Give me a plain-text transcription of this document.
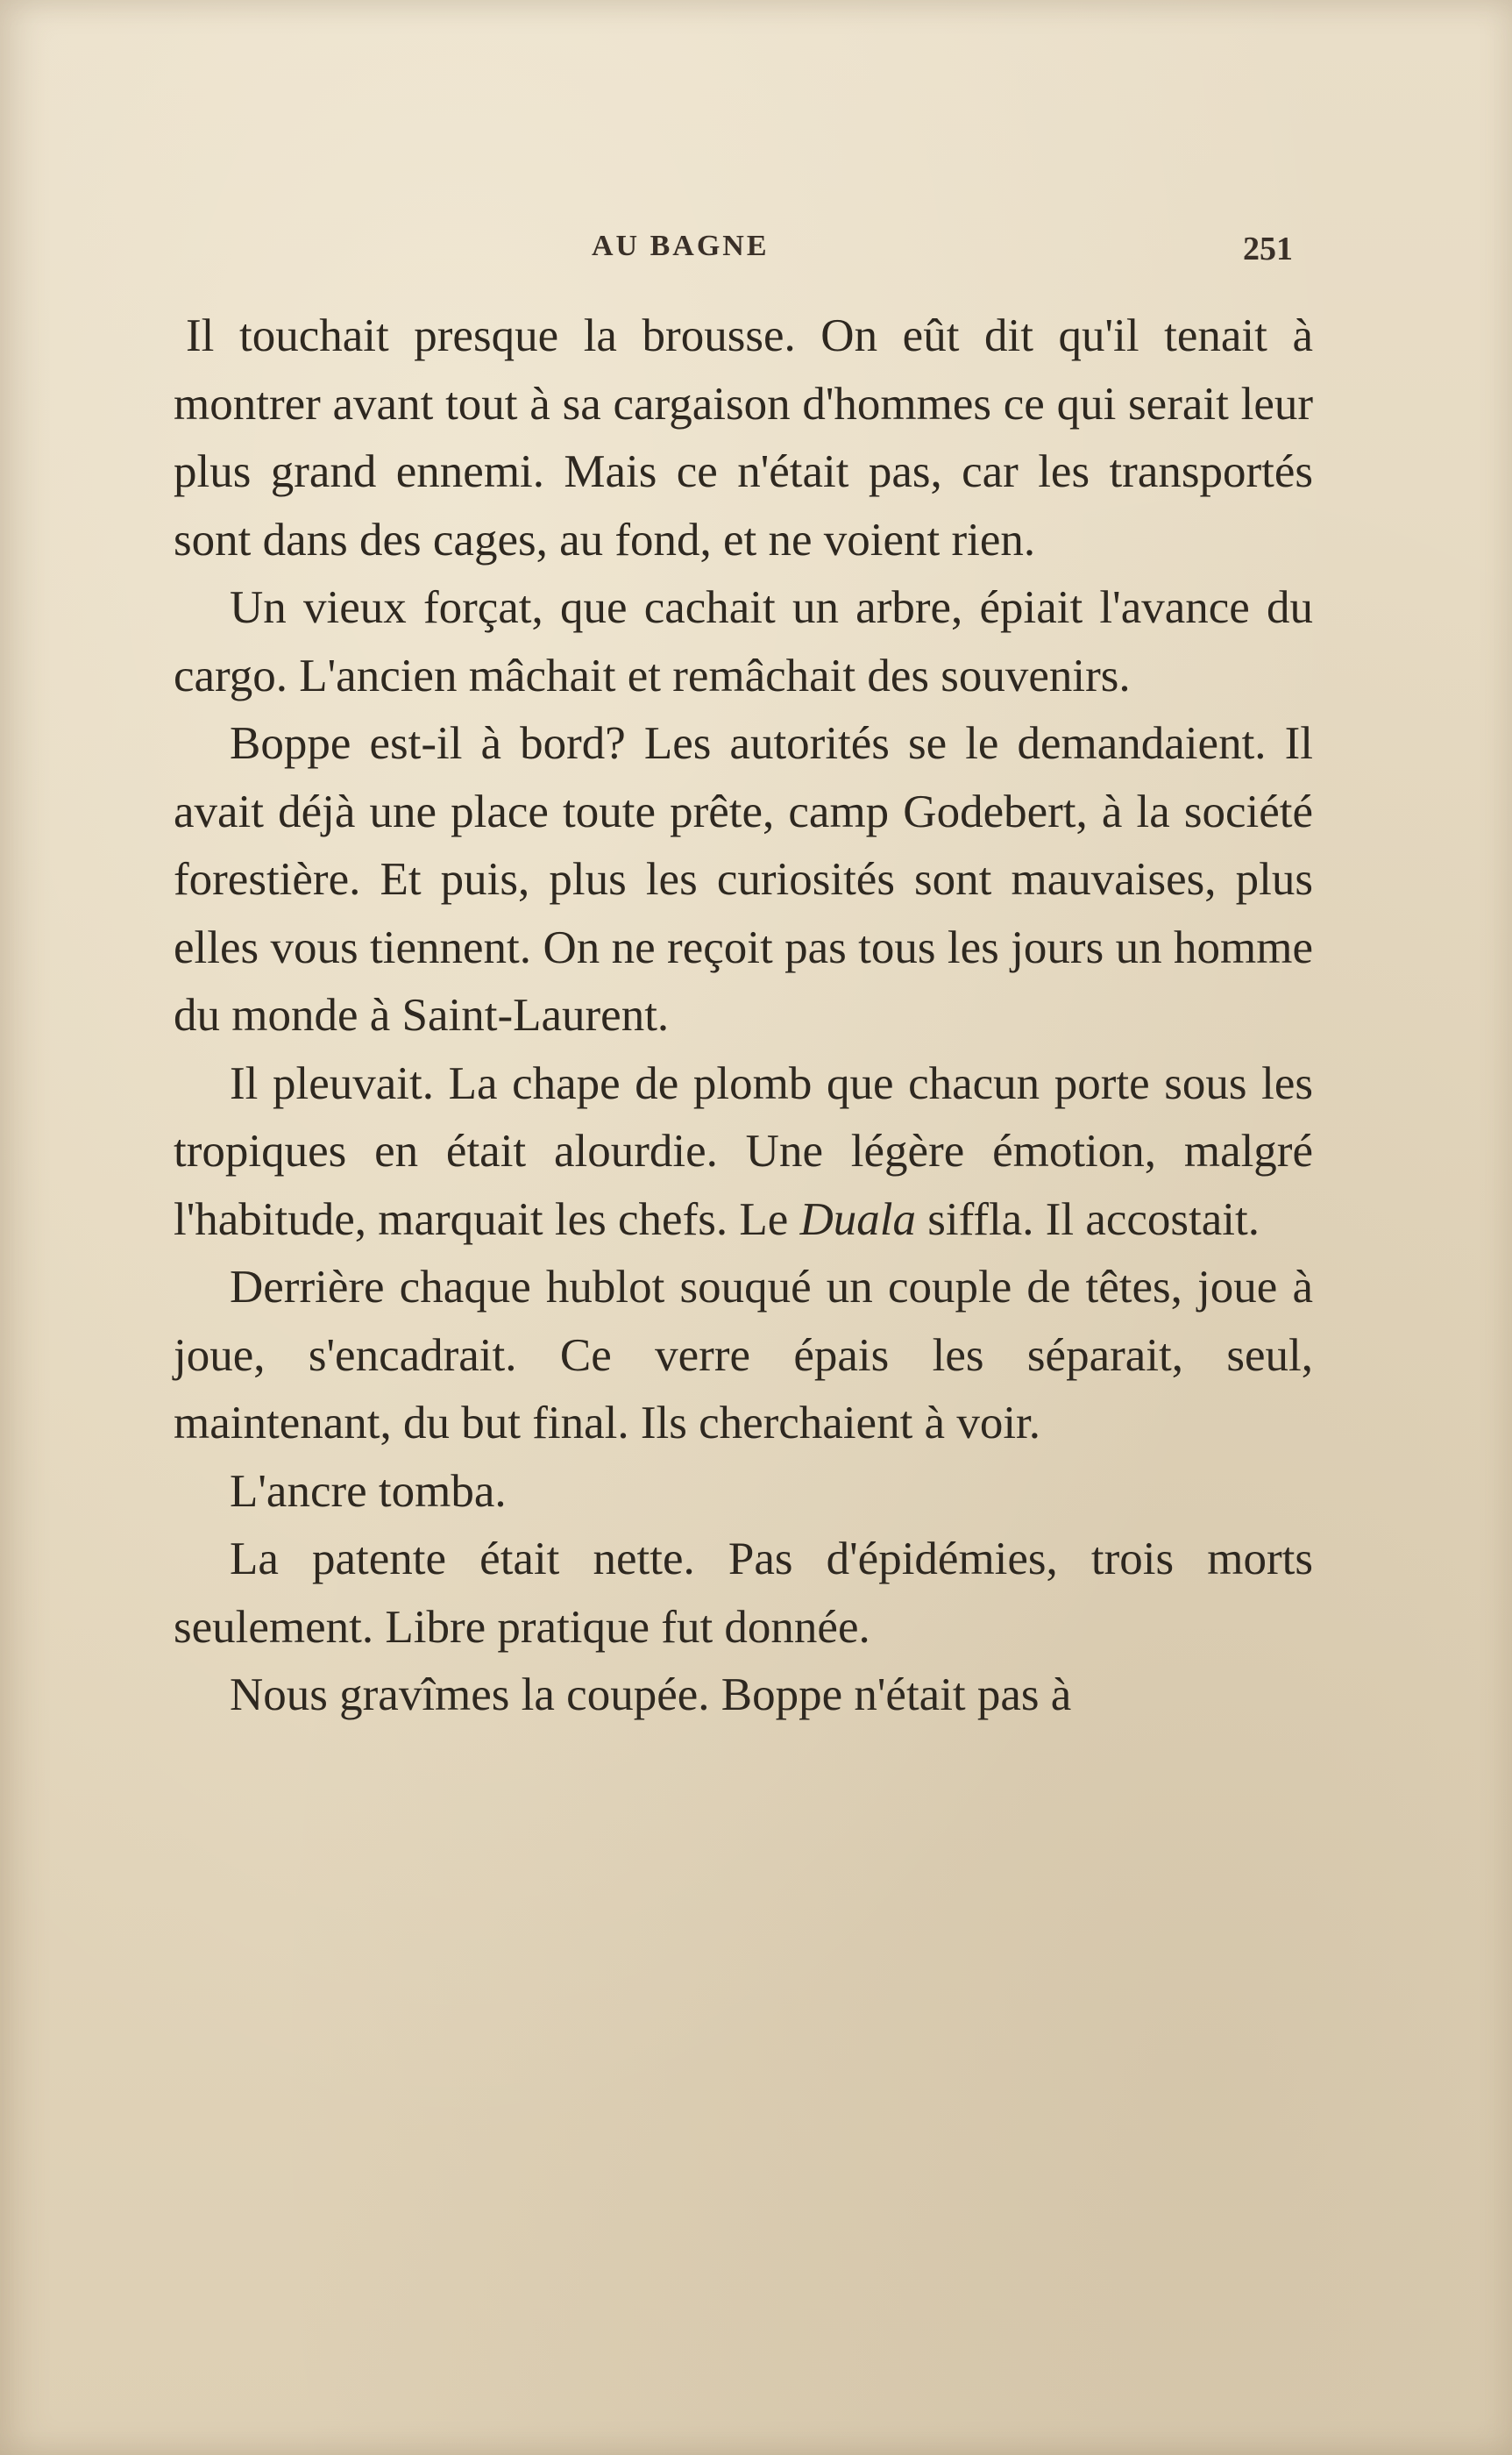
AU BAGNE	251

Il touchait presque la brousse. On eût dit qu'il tenait à montrer avant tout à sa cargaison d'hommes ce qui serait leur plus grand ennemi. Mais ce n'était pas, car les transportés sont dans des cages, au fond, et ne voient rien.

Un vieux forçat, que cachait un arbre, épiait l'avance du cargo. L'ancien mâchait et remâchait des souvenirs.

Boppe est-il à bord? Les autorités se le demandaient. Il avait déjà une place toute prête, camp Godebert, à la société forestière. Et puis, plus les curiosités sont mauvaises, plus elles vous tiennent. On ne reçoit pas tous les jours un homme du monde à Saint-Laurent.

Il pleuvait. La chape de plomb que chacun porte sous les tropiques en était alourdie. Une légère émotion, malgré l'habitude, marquait les chefs. Le Duala siffla. Il accostait.

Derrière chaque hublot souqué un couple de têtes, joue à joue, s'encadrait. Ce verre épais les séparait, seul, maintenant, du but final. Ils cherchaient à voir.

L'ancre tomba.

La patente était nette. Pas d'épidémies, trois morts seulement. Libre pratique fut donnée.

Nous gravîmes la coupée. Boppe n'était pas à
